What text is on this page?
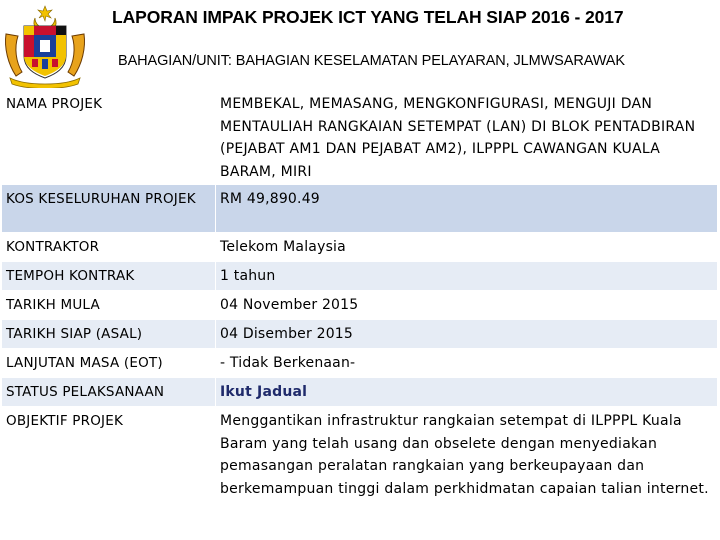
LAPORAN IMPAK PROJEK ICT YANG TELAH SIAP 2016 - 2017
BAHAGIAN/UNIT: BAHAGIAN KESELAMATAN PELAYARAN, JLMWSARAWAK
NAMA PROJEK	MEMBEKAL, MEMASANG, MENGKONFIGURASI, MENGUJI DAN MENTAULIAH RANGKAIAN SETEMPAT (LAN) DI BLOK PENTADBIRAN (PEJABAT AM1 DAN PEJABAT AM2), ILPPPL CAWANGAN KUALA BARAM, MIRI
KOS KESELURUHAN PROJEK	RM 49,890.49
KONTRAKTOR	Telekom Malaysia
TEMPOH KONTRAK	1 tahun
TARIKH MULA	04 November 2015
TARIKH SIAP (ASAL)	04 Disember 2015
LANJUTAN MASA (EOT)	- Tidak Berkenaan-
STATUS PELAKSANAAN	Ikut Jadual
OBJEKTIF PROJEK	Menggantikan infrastruktur rangkaian setempat di ILPPPL Kuala Baram yang telah usang dan obselete dengan menyediakan pemasangan peralatan rangkaian yang berkeupayaan dan berkemampuan tinggi dalam perkhidmatan capaian talian internet.
